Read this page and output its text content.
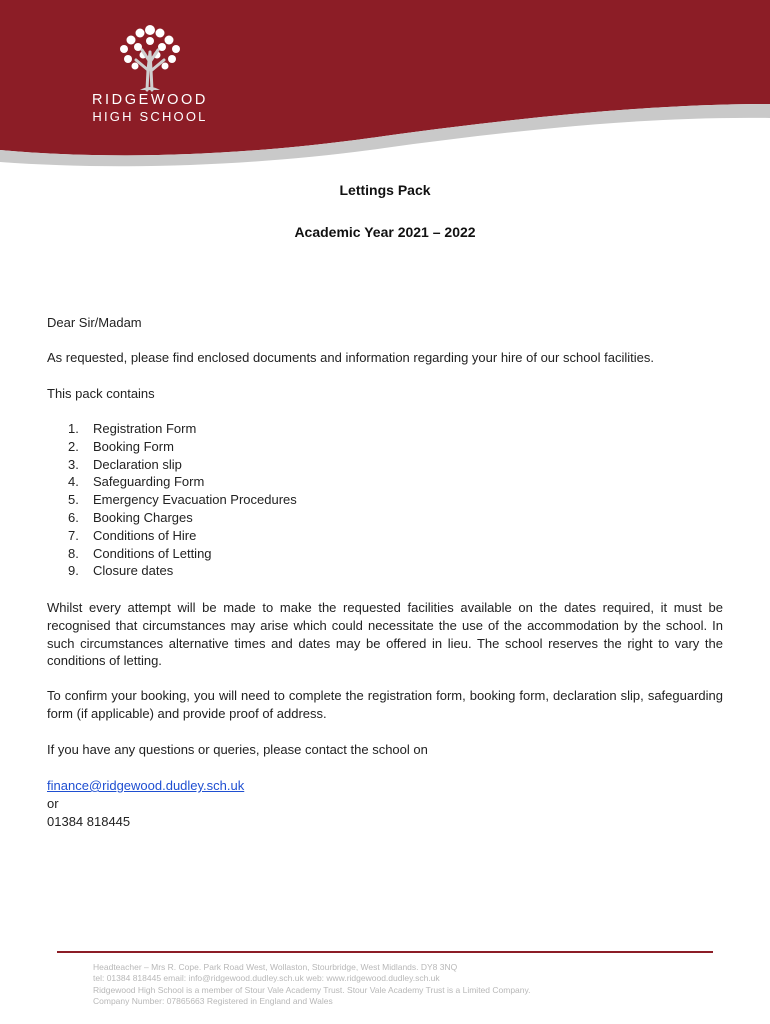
RIDGEWOOD
HIGH SCHOOL
Lettings Pack
Academic Year 2021 – 2022
Dear Sir/Madam
As requested, please find enclosed documents and information regarding your hire of our school facilities.
This pack contains
1. Registration Form
2. Booking Form
3. Declaration slip
4. Safeguarding Form
5. Emergency Evacuation Procedures
6. Booking Charges
7. Conditions of Hire
8. Conditions of Letting
9. Closure dates
Whilst every attempt will be made to make the requested facilities available on the dates required, it must be recognised that circumstances may arise which could necessitate the use of the accommodation by the school. In such circumstances alternative times and dates may be offered in lieu. The school reserves the right to vary the conditions of letting.
To confirm your booking, you will need to complete the registration form, booking form, declaration slip, safeguarding form (if applicable) and provide proof of address.
If you have any questions or queries, please contact the school on
finance@ridgewood.dudley.sch.uk
or
01384 818445
Headteacher – Mrs R. Cope. Park Road West, Wollaston, Stourbridge, West Midlands. DY8 3NQ
tel: 01384 818445 email: info@ridgewood.dudley.sch.uk web: www.ridgewood.dudley.sch.uk
Ridgewood High School is a member of Stour Vale Academy Trust. Stour Vale Academy Trust is a Limited Company.
Company Number: 07865663 Registered in England and Wales
